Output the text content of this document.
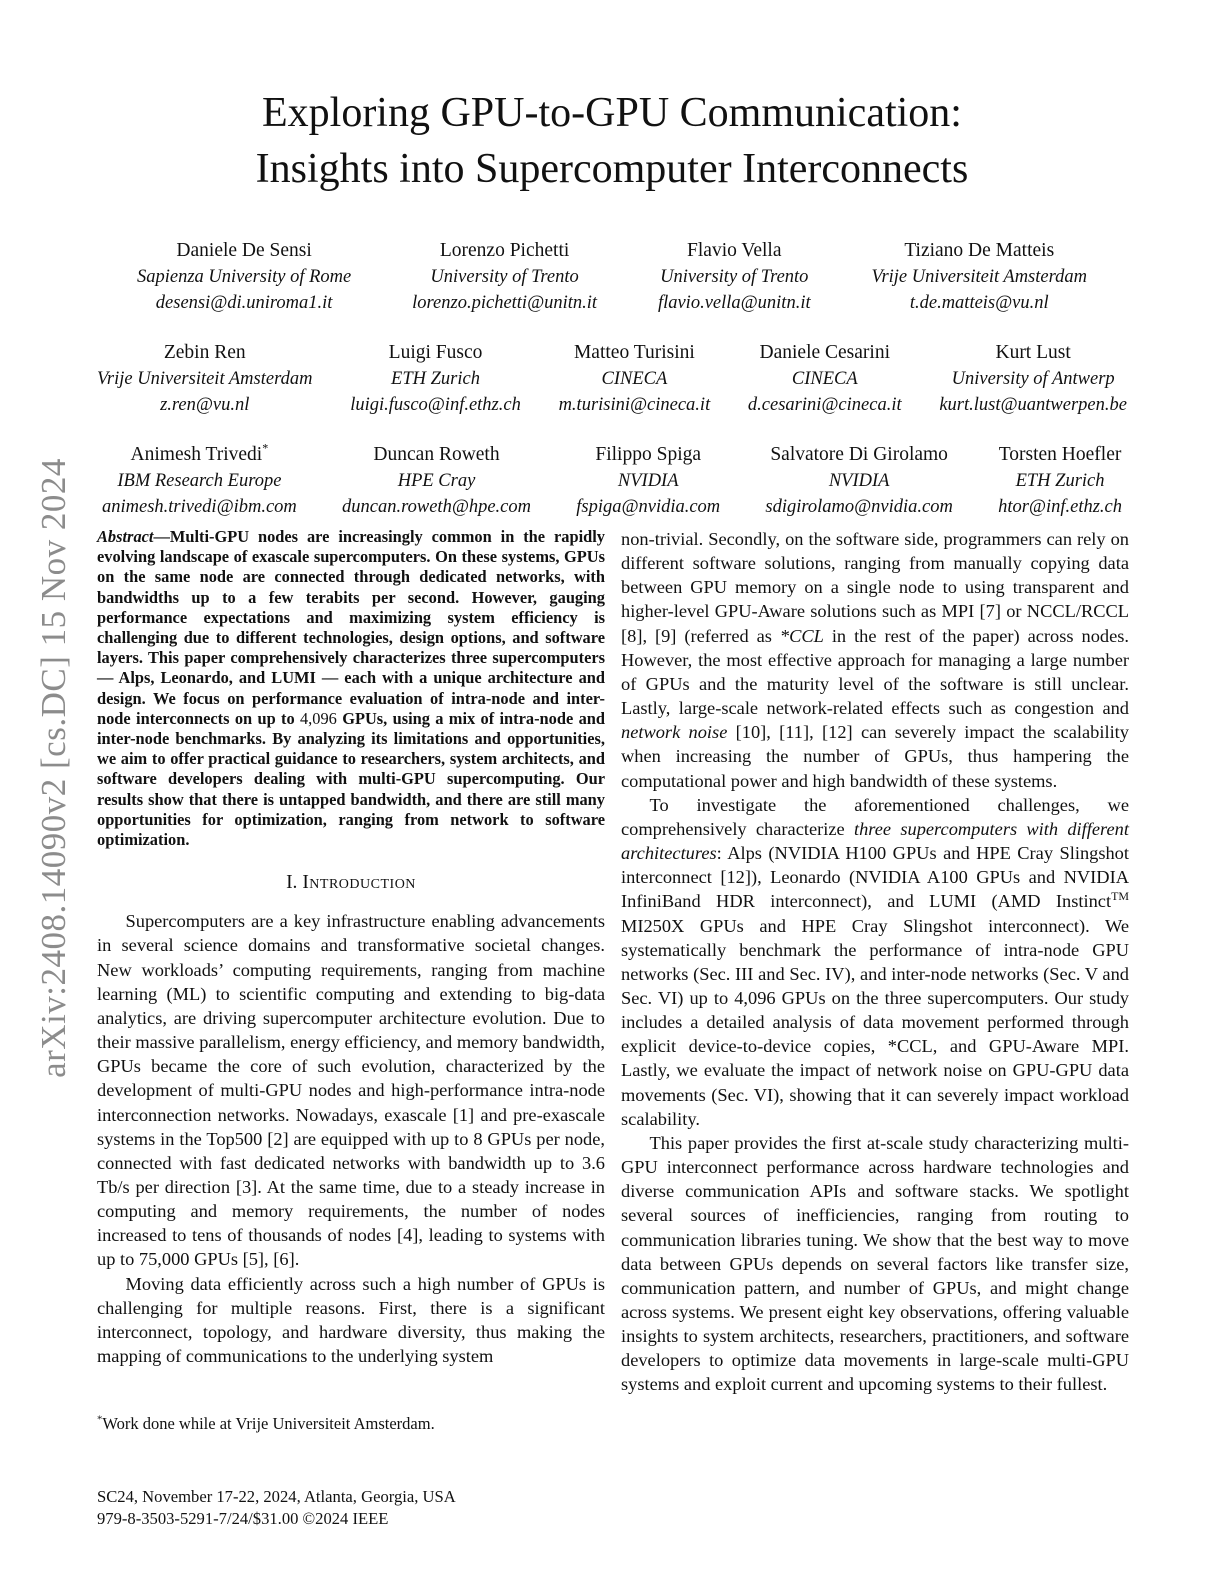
arXiv:2408.14090v2 [cs.DC] 15 Nov 2024
Exploring GPU-to-GPU Communication:
Insights into Supercomputer Interconnects
Daniele De Sensi
Sapienza University of Rome
desensi@di.uniroma1.it
Lorenzo Pichetti
University of Trento
lorenzo.pichetti@unitn.it
Flavio Vella
University of Trento
flavio.vella@unitn.it
Tiziano De Matteis
Vrije Universiteit Amsterdam
t.de.matteis@vu.nl
Zebin Ren
Vrije Universiteit Amsterdam
z.ren@vu.nl
Luigi Fusco
ETH Zurich
luigi.fusco@inf.ethz.ch
Matteo Turisini
CINECA
m.turisini@cineca.it
Daniele Cesarini
CINECA
d.cesarini@cineca.it
Kurt Lust
University of Antwerp
kurt.lust@uantwerpen.be
Animesh Trivedi*
IBM Research Europe
animesh.trivedi@ibm.com
Duncan Roweth
HPE Cray
duncan.roweth@hpe.com
Filippo Spiga
NVIDIA
fspiga@nvidia.com
Salvatore Di Girolamo
NVIDIA
sdigirolamo@nvidia.com
Torsten Hoefler
ETH Zurich
htor@inf.ethz.ch

Abstract—Multi-GPU nodes are increasingly common in the rapidly evolving landscape of exascale supercomputers. On these systems, GPUs on the same node are connected through dedicated networks, with bandwidths up to a few terabits per second. However, gauging performance expectations and maximizing system efficiency is challenging due to different technologies, design options, and software layers. This paper comprehensively characterizes three supercomputers — Alps, Leonardo, and LUMI — each with a unique architecture and design. We focus on performance evaluation of intra-node and inter-node interconnects on up to 4,096 GPUs, using a mix of intra-node and inter-node benchmarks. By analyzing its limitations and opportunities, we aim to offer practical guidance to researchers, system architects, and software developers dealing with multi-GPU supercomputing. Our results show that there is untapped bandwidth, and there are still many opportunities for optimization, ranging from network to software optimization.

I. Introduction

Supercomputers are a key infrastructure enabling advancements in several science domains and transformative societal changes. New workloads’ computing requirements, ranging from machine learning (ML) to scientific computing and extending to big-data analytics, are driving supercomputer architecture evolution. Due to their massive parallelism, energy efficiency, and memory bandwidth, GPUs became the core of such evolution, characterized by the development of multi-GPU nodes and high-performance intra-node interconnection networks. Nowadays, exascale [1] and pre-exascale systems in the Top500 [2] are equipped with up to 8 GPUs per node, connected with fast dedicated networks with bandwidth up to 3.6 Tb/s per direction [3]. At the same time, due to a steady increase in computing and memory requirements, the number of nodes increased to tens of thousands of nodes [4], leading to systems with up to 75,000 GPUs [5], [6].

Moving data efficiently across such a high number of GPUs is challenging for multiple reasons. First, there is a significant interconnect, topology, and hardware diversity, thus making the mapping of communications to the underlying system

non-trivial. Secondly, on the software side, programmers can rely on different software solutions, ranging from manually copying data between GPU memory on a single node to using transparent and higher-level GPU-Aware solutions such as MPI [7] or NCCL/RCCL [8], [9] (referred as *CCL in the rest of the paper) across nodes. However, the most effective approach for managing a large number of GPUs and the maturity level of the software is still unclear. Lastly, large-scale network-related effects such as congestion and network noise [10], [11], [12] can severely impact the scalability when increasing the number of GPUs, thus hampering the computational power and high bandwidth of these systems.

To investigate the aforementioned challenges, we comprehensively characterize three supercomputers with different architectures: Alps (NVIDIA H100 GPUs and HPE Cray Slingshot interconnect [12]), Leonardo (NVIDIA A100 GPUs and NVIDIA InfiniBand HDR interconnect), and LUMI (AMD Instinct™ MI250X GPUs and HPE Cray Slingshot interconnect). We systematically benchmark the performance of intra-node GPU networks (Sec. III and Sec. IV), and inter-node networks (Sec. V and Sec. VI) up to 4,096 GPUs on the three supercomputers. Our study includes a detailed analysis of data movement performed through explicit device-to-device copies, *CCL, and GPU-Aware MPI. Lastly, we evaluate the impact of network noise on GPU-GPU data movements (Sec. VI), showing that it can severely impact workload scalability.

This paper provides the first at-scale study characterizing multi-GPU interconnect performance across hardware technologies and diverse communication APIs and software stacks. We spotlight several sources of inefficiencies, ranging from routing to communication libraries tuning. We show that the best way to move data between GPUs depends on several factors like transfer size, communication pattern, and number of GPUs, and might change across systems. We present eight key observations, offering valuable insights to system architects, researchers, practitioners, and software developers to optimize data movements in large-scale multi-GPU systems and exploit current and upcoming systems to their fullest.

*Work done while at Vrije Universiteit Amsterdam.
SC24, November 17-22, 2024, Atlanta, Georgia, USA
979-8-3503-5291-7/24/$31.00 ©2024 IEEE
